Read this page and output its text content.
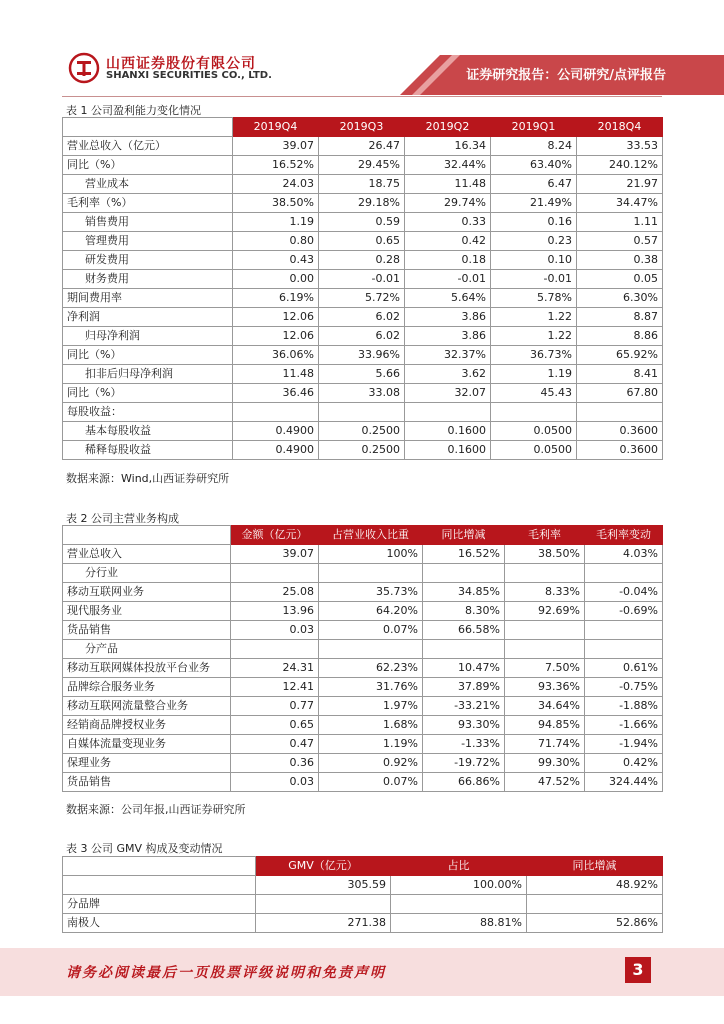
山西证券股份有限公司
SHANXI SECURITIES CO., LTD.	证券研究报告：公司研究/点评报告
表 1 公司盈利能力变化情况
	2019Q4	2019Q3	2019Q2	2019Q1	2018Q4
营业总收入（亿元）	39.07	26.47	16.34	8.24	33.53
同比（%）	16.52%	29.45%	32.44%	63.40%	240.12%
营业成本	24.03	18.75	11.48	6.47	21.97
毛利率（%）	38.50%	29.18%	29.74%	21.49%	34.47%
销售费用	1.19	0.59	0.33	0.16	1.11
管理费用	0.80	0.65	0.42	0.23	0.57
研发费用	0.43	0.28	0.18	0.10	0.38
财务费用	0.00	-0.01	-0.01	-0.01	0.05
期间费用率	6.19%	5.72%	5.64%	5.78%	6.30%
净利润	12.06	6.02	3.86	1.22	8.87
归母净利润	12.06	6.02	3.86	1.22	8.86
同比（%）	36.06%	33.96%	32.37%	36.73%	65.92%
扣非后归母净利润	11.48	5.66	3.62	1.19	8.41
同比（%）	36.46	33.08	32.07	45.43	67.80
每股收益：					
基本每股收益	0.4900	0.2500	0.1600	0.0500	0.3600
稀释每股收益	0.4900	0.2500	0.1600	0.0500	0.3600
数据来源：Wind,山西证券研究所
表 2 公司主营业务构成
	金额（亿元）	占营业收入比重	同比增减	毛利率	毛利率变动
营业总收入	39.07	100%	16.52%	38.50%	4.03%
分行业					
移动互联网业务	25.08	35.73%	34.85%	8.33%	-0.04%
现代服务业	13.96	64.20%	8.30%	92.69%	-0.69%
货品销售	0.03	0.07%	66.58%		
分产品					
移动互联网媒体投放平台业务	24.31	62.23%	10.47%	7.50%	0.61%
品牌综合服务业务	12.41	31.76%	37.89%	93.36%	-0.75%
移动互联网流量整合业务	0.77	1.97%	-33.21%	34.64%	-1.88%
经销商品牌授权业务	0.65	1.68%	93.30%	94.85%	-1.66%
自媒体流量变现业务	0.47	1.19%	-1.33%	71.74%	-1.94%
保理业务	0.36	0.92%	-19.72%	99.30%	0.42%
货品销售	0.03	0.07%	66.86%	47.52%	324.44%
数据来源：公司年报,山西证券研究所
表 3 公司 GMV 构成及变动情况
	GMV（亿元）	占比	同比增减
	305.59	100.00%	48.92%
分品牌			
南极人	271.38	88.81%	52.86%
请务必阅读最后一页股票评级说明和免责声明	3
